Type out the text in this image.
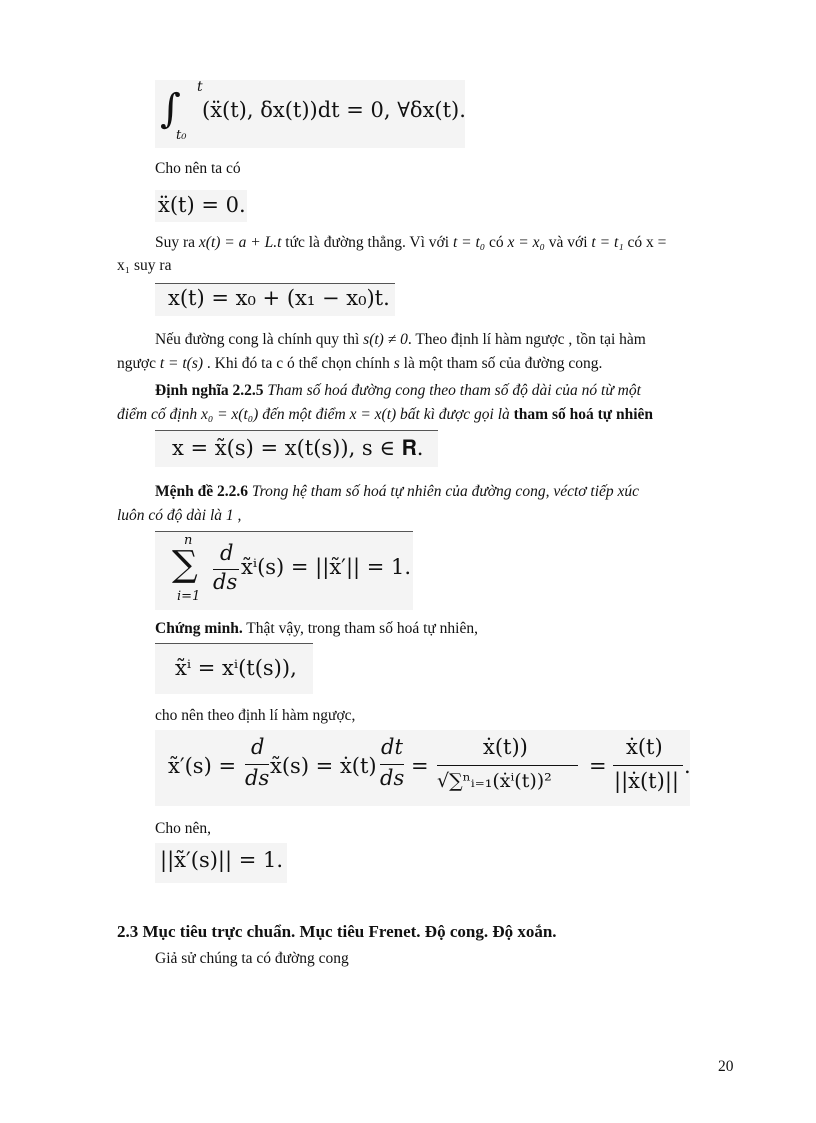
∫ t
t₀
(ẍ(t), δx(t))dt = 0, ∀δx(t).
Cho nên ta có
ẍ(t) = 0.
Suy ra x(t) = a + L.t tức là đường thẳng. Vì với t = t₀ có x = x₀ và với t = t₁ có x =
x₁ suy ra
x(t) = x₀ + (x₁ − x₀)t.
Nếu đường cong là chính quy thì s(t) ≠ 0. Theo định lí hàm ngược , tồn tại hàm
ngược t = t(s) . Khi đó ta c ó thể chọn chính s là một tham số của đường cong.
Định nghĩa 2.2.5 Tham số hoá đường cong theo tham số độ dài của nó từ một
điểm cố định x₀ = x(t₀) đến một điểm x = x(t) bất kì được gọi là tham số hoá tự nhiên
x = x̃(s) = x(t(s)), s ∈ 𝐑.
Mệnh đề 2.2.6 Trong hệ tham số hoá tự nhiên của đường cong, véctơ tiếp xúc
luôn có độ dài là 1 ,
n
∑
i=1
d
ds
x̃ⁱ(s) = ||x̃′|| = 1.
Chứng minh. Thật vậy, trong tham số hoá tự nhiên,
x̃ⁱ = xⁱ(t(s)),
cho nên theo định lí hàm ngược,
x̃′(s) =
d
ds x̃(s) = ẋ(t)
dt
ds =
ẋ(t))
√∑ⁿᵢ₌₁(ẋⁱ(t))²
=
ẋ(t)
||ẋ(t)||
.
Cho nên,
||x̃′(s)|| = 1.
2.3 Mục tiêu trực chuẩn. Mục tiêu Frenet. Độ cong. Độ xoắn.
Giả sử chúng ta có đường cong
20
